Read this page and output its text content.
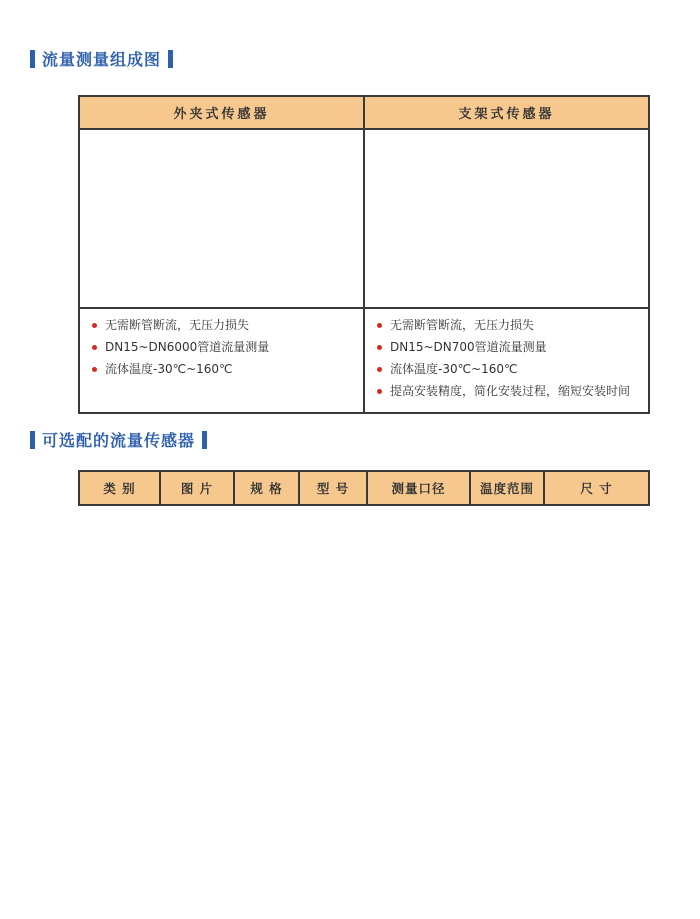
流量测量组成图
外夹式传感器	支架式传感器

无需断管断流，无压力损失
DN15~DN6000管道流量测量
流体温度-30℃~160℃

无需断管断流，无压力损失
DN15~DN700管道流量测量
流体温度-30℃~160℃
提高安装精度，简化安装过程，缩短安装时间
可选配的流量传感器
类 别	图 片	规 格	型 号	测量口径	温度范围	尺 寸
